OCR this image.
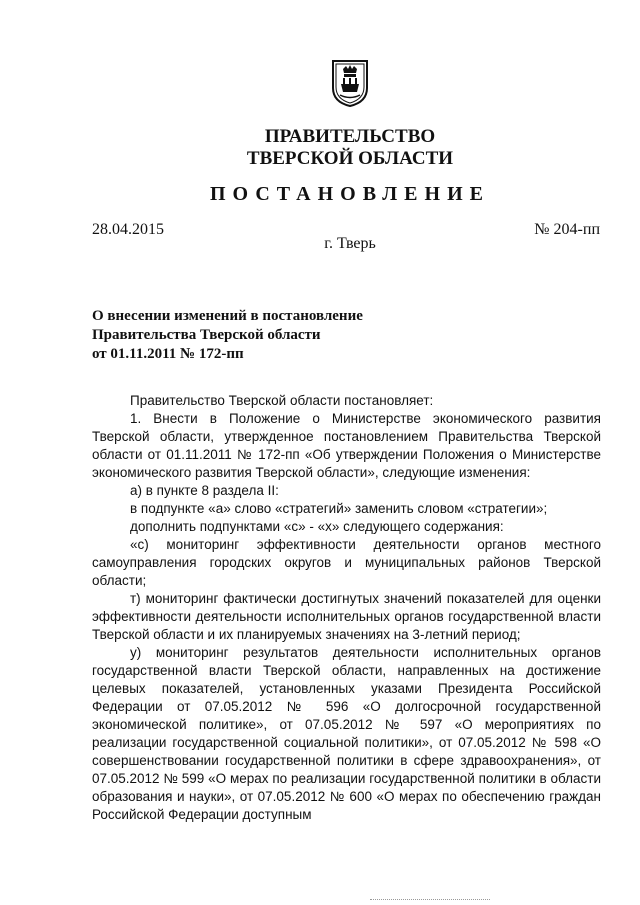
ПРАВИТЕЛЬСТВО
ТВЕРСКОЙ ОБЛАСТИ
ПОСТАНОВЛЕНИЕ
28.04.2015	№ 204-пп
г. Тверь
О внесении изменений в постановление
Правительства Тверской области
от 01.11.2011 № 172-пп

Правительство Тверской области постановляет:

1. Внести в Положение о Министерстве экономического развития Тверской области, утвержденное постановлением Правительства Тверской области от 01.11.2011 № 172-пп «Об утверждении Положения о Министерстве экономического развития Тверской области», следующие изменения:

а) в пункте 8 раздела II:

в подпункте «а» слово «стратегий» заменить словом «стратегии»;

дополнить подпунктами «с» - «х» следующего содержания:

«с) мониторинг эффективности деятельности органов местного самоуправления городских округов и муниципальных районов Тверской области;

т) мониторинг фактически достигнутых значений показателей для оценки эффективности деятельности исполнительных органов государственной власти Тверской области и их планируемых значениях на 3-летний период;

у) мониторинг результатов деятельности исполнительных органов государственной власти Тверской области, направленных на достижение целевых показателей, установленных указами Президента Российской Федерации от 07.05.2012 № 596 «О долгосрочной государственной экономической политике», от 07.05.2012 № 597 «О мероприятиях по реализации государственной социальной политики», от 07.05.2012 № 598 «О совершенствовании государственной политики в сфере здравоохранения», от 07.05.2012 № 599 «О мерах по реализации государственной политики в области образования и науки», от 07.05.2012 № 600 «О мерах по обеспечению граждан Российской Федерации доступным
